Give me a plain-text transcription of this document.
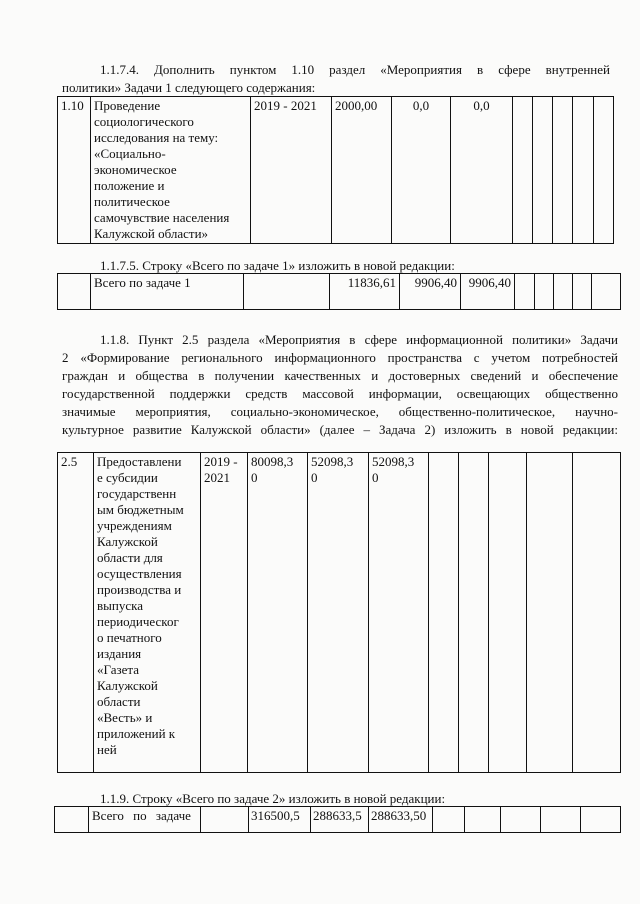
1.1.7.4. Дополнить пунктом 1.10 раздел «Мероприятия в сфере внутренней
политики» Задачи 1 следующего содержания:
1.10	Проведение
социологического
исследования на тему:
«Социально-
экономическое
положение и
политическое
самочувствие населения
Калужской области»	2019 - 2021	2000,00	0,0	0,0					
1.1.7.5. Строку «Всего по задаче 1» изложить в новой редакции:
	Всего по задаче 1		11836,61	9906,40	9906,40					
1.1.8. Пункт 2.5 раздела «Мероприятия в сфере информационной политики» Задачи
2 «Формирование регионального информационного пространства с учетом потребностей
граждан и общества в получении качественных и достоверных сведений и обеспечение
государственной поддержки средств массовой информации, освещающих общественно
значимые мероприятия, социально-экономическое, общественно-политическое, научно-
культурное развитие Калужской области» (далее – Задача 2) изложить в новой редакции:
2.5	Предоставлени
е субсидии
государственн
ым бюджетным
учреждениям
Калужской
области для
осуществления
производства и
выпуска
периодическог
о печатного
издания
«Газета
Калужской
области
«Весть» и
приложений к
ней	2019 -
2021	80098,3
0	52098,3
0	52098,3
0					
1.1.9. Строку «Всего по задаче 2» изложить в новой редакции:
	Всего по задаче		316500,5	288633,5	288633,50					
